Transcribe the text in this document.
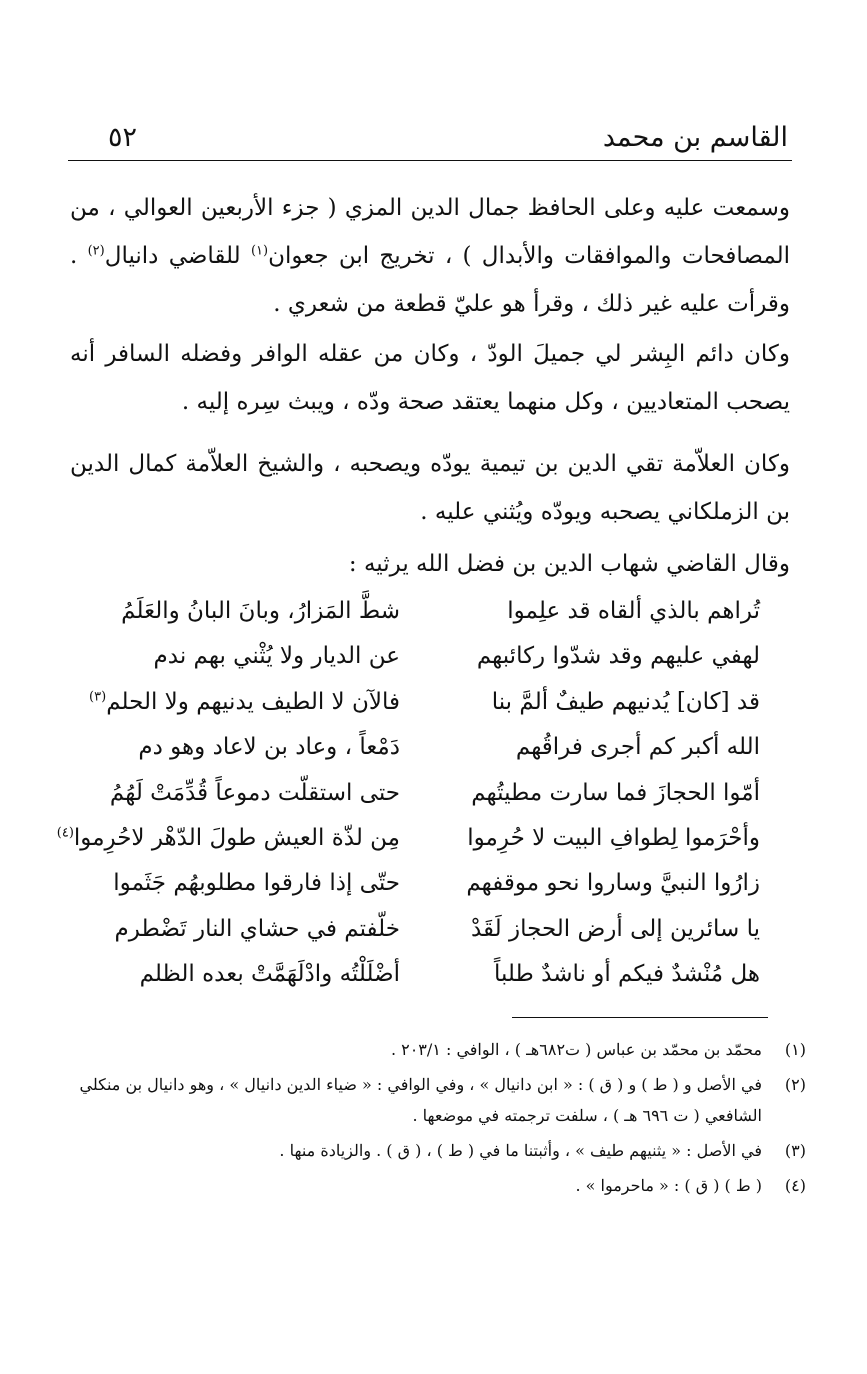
القاسم بن محمد
٥٢

وسمعت عليه وعلى الحافظ جمال الدين المزي ( جزء الأربعين العوالي ، من المصافحات والموافقات والأبدال ) ، تخريج ابن جعوان$^{(١)}$ للقاضي دانيال$^{(٢)}$ . وقرأت عليه غير ذلك ، وقرأ هو عليّ قطعة من شعري .

وكان دائم البِشر لي جميلَ الودّ ، وكان من عقله الوافر وفضله السافر أنه يصحب المتعاديين ، وكل منهما يعتقد صحة ودّه ، ويبث سِره إليه .

وكان العلاّمة تقي الدين بن تيمية يودّه ويصحبه ، والشيخ العلاّمة كمال الدين بن الزملكاني يصحبه ويودّه ويُثني عليه .

وقال القاضي شهاب الدين بن فضل الله يرثيه :

تُراهم بالذي ألقاه قد علِموا
شطَّ المَزارُ، وبانَ البانُ والعَلَمُ
لهفي عليهم وقد شدّوا ركائبهم
عن الديار ولا يُثْني بهم ندم
قد [كان] يُدنيهم طيفٌ ألمَّ بنا
فالآن لا الطيف يدنيهم ولا الحلم$^{(٣)}$
الله أكبر كم أجرى فراقُهم
دَمْعاً ، وعاد بن لاعاد وهو دم
أمّوا الحجازَ فما سارت مطيتُهم
حتى استقلّت دموعاً قُدِّمَتْ لَهُمُ
وأحْرَموا لِطوافِ البيت لا حُرِموا
مِن لذّة العيش طولَ الدّهْر لاحُرِموا$^{(٤)}$
زارُوا النبيَّ وساروا نحو موقفهم
حتّى إذا فارقوا مطلوبهُم جَثَموا
يا سائرين إلى أرض الحجاز لَقَدْ
خلّفتم في حشاي النار تَضْطرم
هل مُنْشدٌ فيكم أو ناشدٌ طلباً
أضْلَلْتُه وادْلَهَمَّتْ بعده الظلم
(١)
محمّد بن محمّد بن عباس ( ت٦٨٢هـ ) ، الوافي : ٢٠٣/١ .
(٢)
في الأصل و ( ط ) و ( ق ) : « ابن دانيال » ، وفي الوافي : « ضياء الدين دانيال » ، وهو دانيال بن منكلي الشافعي ( ت ٦٩٦ هـ ) ، سلفت ترجمته في موضعها .
(٣)
في الأصل : « يثنيهم طيف » ، وأثبتنا ما في ( ط ) ، ( ق ) . والزيادة منها .
(٤)
( ط ) ( ق ) : « ماحرموا » .
